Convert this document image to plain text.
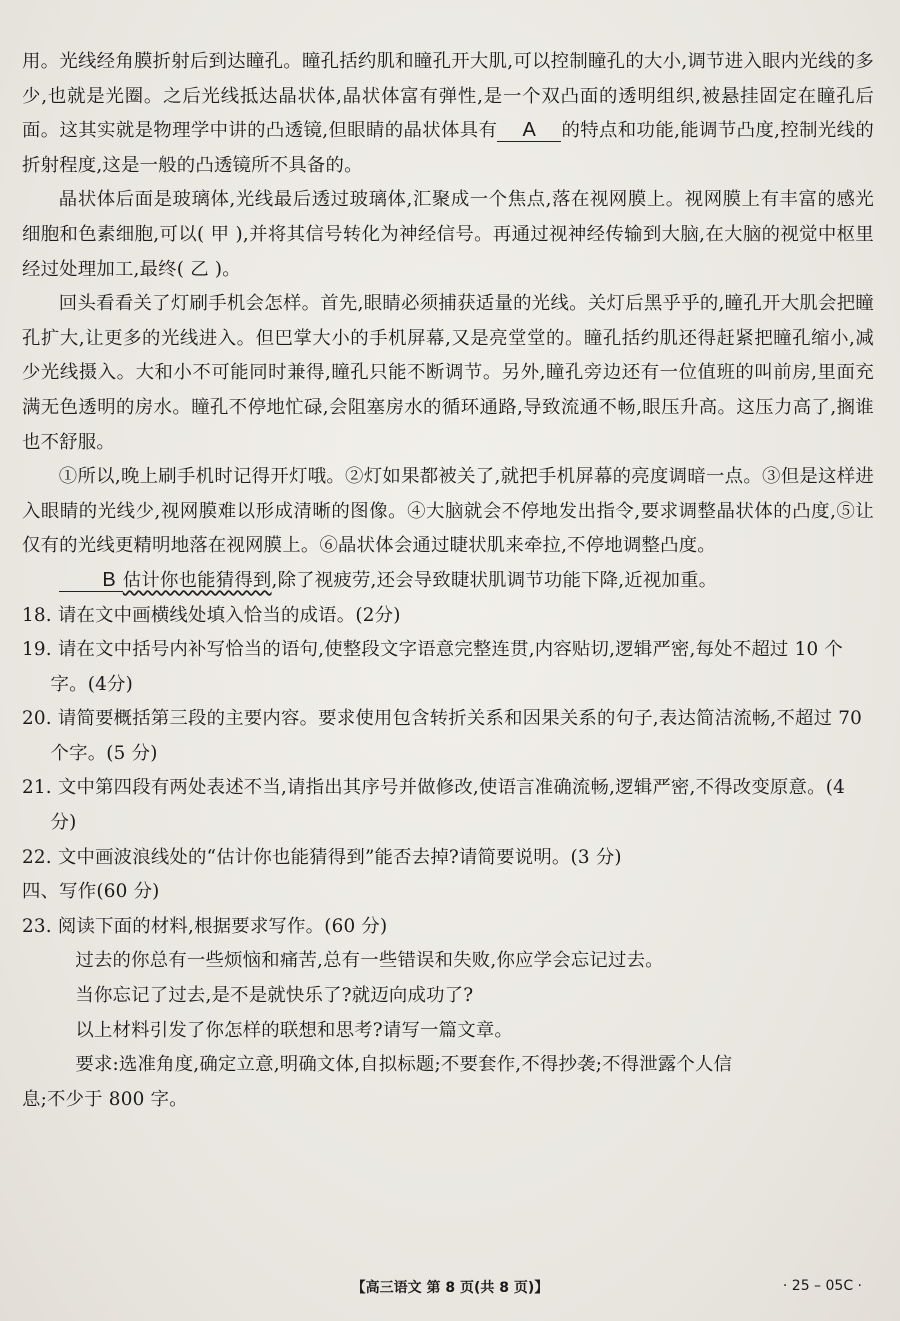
用。光线经角膜折射后到达瞳孔。瞳孔括约肌和瞳孔开大肌,可以控制瞳孔的大小,调节进入眼内光线的多少,也就是光圈。之后光线抵达晶状体,晶状体富有弹性,是一个双凸面的透明组织,被悬挂固定在瞳孔后面。这其实就是物理学中讲的凸透镜,但眼睛的晶状体具有 A 的特点和功能,能调节凸度,控制光线的折射程度,这是一般的凸透镜所不具备的。

晶状体后面是玻璃体,光线最后透过玻璃体,汇聚成一个焦点,落在视网膜上。视网膜上有丰富的感光细胞和色素细胞,可以( 甲 ),并将其信号转化为神经信号。再通过视神经传输到大脑,在大脑的视觉中枢里经过处理加工,最终( 乙 )。

回头看看关了灯刷手机会怎样。首先,眼睛必须捕获适量的光线。关灯后黑乎乎的,瞳孔开大肌会把瞳孔扩大,让更多的光线进入。但巴掌大小的手机屏幕,又是亮堂堂的。瞳孔括约肌还得赶紧把瞳孔缩小,减少光线摄入。大和小不可能同时兼得,瞳孔只能不断调节。另外,瞳孔旁边还有一位值班的叫前房,里面充满无色透明的房水。瞳孔不停地忙碌,会阻塞房水的循环通路,导致流通不畅,眼压升高。这压力高了,搁谁也不舒服。

①所以,晚上刷手机时记得开灯哦。②灯如果都被关了,就把手机屏幕的亮度调暗一点。③但是这样进入眼睛的光线少,视网膜难以形成清晰的图像。④大脑就会不停地发出指令,要求调整晶状体的凸度,⑤让仅有的光线更精明地落在视网膜上。⑥晶状体会通过睫状肌来牵拉,不停地调整凸度。

B 估计你也能猜得到,除了视疲劳,还会导致睫状肌调节功能下降,近视加重。

18. 请在文中画横线处填入恰当的成语。(2分)

19. 请在文中括号内补写恰当的语句,使整段文字语意完整连贯,内容贴切,逻辑严密,每处不超过 10 个字。(4分)

20. 请简要概括第三段的主要内容。要求使用包含转折关系和因果关系的句子,表达简洁流畅,不超过 70 个字。(5 分)

21. 文中第四段有两处表述不当,请指出其序号并做修改,使语言准确流畅,逻辑严密,不得改变原意。(4 分)

22. 文中画波浪线处的“估计你也能猜得到”能否去掉?请简要说明。(3 分)

四、写作(60 分)

23. 阅读下面的材料,根据要求写作。(60 分)

过去的你总有一些烦恼和痛苦,总有一些错误和失败,你应学会忘记过去。

当你忘记了过去,是不是就快乐了?就迈向成功了?

以上材料引发了你怎样的联想和思考?请写一篇文章。

要求:选准角度,确定立意,明确文体,自拟标题;不要套作,不得抄袭;不得泄露个人信
息;不少于 800 字。

【高三语文 第 8 页(共 8 页)】	· 25 – 05C ·
